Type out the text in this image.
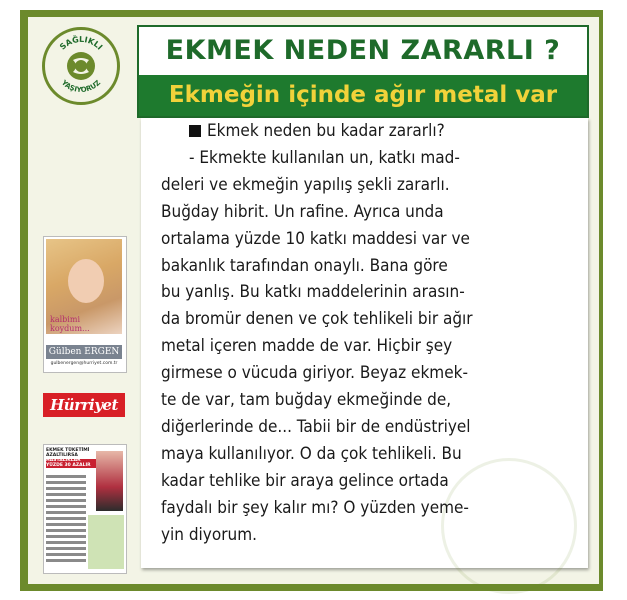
SAĞLIKLI
YAŞIYORUZ
EKMEK NEDEN ZARARLI ?
Ekmeğin içinde ağır metal var
Ekmek neden bu kadar zararlı?
- Ekmekte kullanılan un, katkı mad-
deleri ve ekmeğin yapılış şekli zararlı.
Buğday hibrit. Un rafine. Ayrıca unda
ortalama yüzde 10 katkı maddesi var ve
bakanlık tarafından onaylı. Bana göre
bu yanlış. Bu katkı maddelerinin arasın-
da bromür denen ve çok tehlikeli bir ağır
metal içeren madde de var. Hiçbir şey
girmese o vücuda giriyor. Beyaz ekmek-
te de var, tam buğday ekmeğinde de,
diğerlerinde de... Tabii bir de endüstriyel
maya kullanılıyor. O da çok tehlikeli. Bu
kadar tehlike bir araya gelince ortada
faydalı bir şey kalır mı? O yüzden yeme-
yin diyorum.
kalbimi
koydum...
Gülben ERGEN
gulbenergen@hurriyet.com.tr
Hürriyet
EKMEK TÜKETİMİ AZALTILIRSA
HASTALIKLAR YÜZDE 30 AZALIR
